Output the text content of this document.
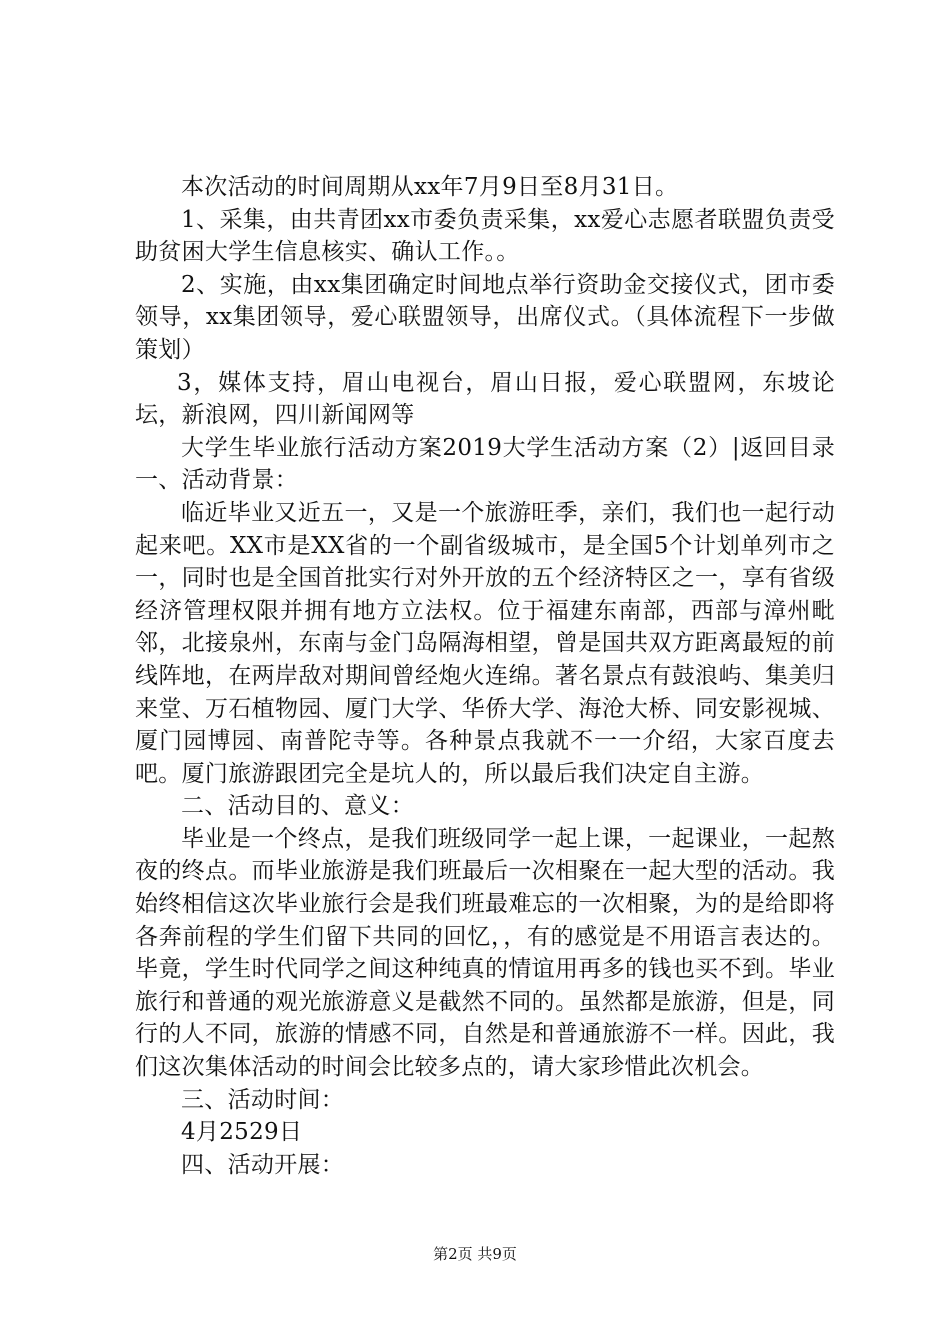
本次活动的时间周期从xx年7月9日至8月31日。

1、采集，由共青团xx市委负责采集，xx爱心志愿者联盟负责受助贫困大学生信息核实、确认工作。。

2、实施，由xx集团确定时间地点举行资助金交接仪式，团市委领导，xx集团领导，爱心联盟领导，出席仪式。（具体流程下一步做策划）

3，媒体支持，眉山电视台，眉山日报，爱心联盟网，东坡论坛，新浪网，四川新闻网等

大学生毕业旅行活动方案2019大学生活动方案（2）|返回目录一、活动背景：

临近毕业又近五一，又是一个旅游旺季，亲们，我们也一起行动起来吧。XX市是XX省的一个副省级城市，是全国5个计划单列市之一，同时也是全国首批实行对外开放的五个经济特区之一，享有省级经济管理权限并拥有地方立法权。位于福建东南部，西部与漳州毗邻，北接泉州，东南与金门岛隔海相望，曾是国共双方距离最短的前线阵地，在两岸敌对期间曾经炮火连绵。著名景点有鼓浪屿、集美归来堂、万石植物园、厦门大学、华侨大学、海沧大桥、同安影视城、厦门园博园、南普陀寺等。各种景点我就不一一介绍，大家百度去吧。厦门旅游跟团完全是坑人的，所以最后我们决定自主游。

二、活动目的、意义：

毕业是一个终点，是我们班级同学一起上课，一起课业，一起熬夜的终点。而毕业旅游是我们班最后一次相聚在一起大型的活动。我始终相信这次毕业旅行会是我们班最难忘的一次相聚，为的是给即将各奔前程的学生们留下共同的回忆，，有的感觉是不用语言表达的。毕竟，学生时代同学之间这种纯真的情谊用再多的钱也买不到。毕业旅行和普通的观光旅游意义是截然不同的。虽然都是旅游，但是，同行的人不同，旅游的情感不同，自然是和普通旅游不一样。因此，我们这次集体活动的时间会比较多点的，请大家珍惜此次机会。

三、活动时间：

4月2529日

四、活动开展：

第2页 共9页
